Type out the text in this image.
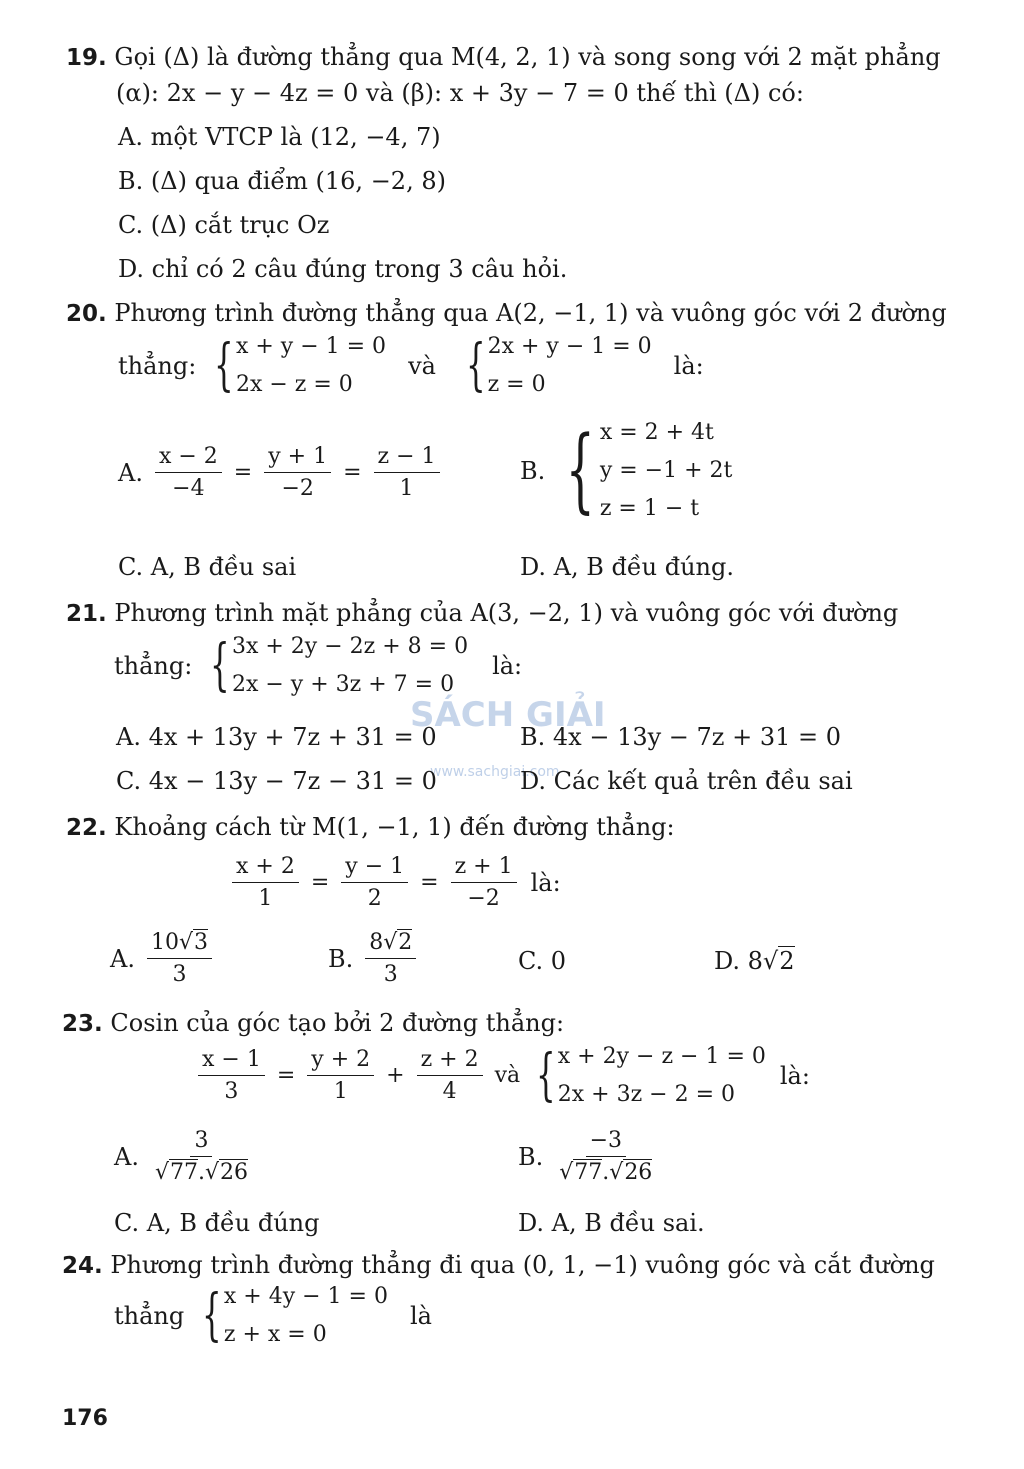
19. Gọi (Δ) là đường thẳng qua M(4, 2, 1) và song song với 2 mặt phẳng
(α): 2x − y − 4z = 0 và (β): x + 3y − 7 = 0 thế thì (Δ) có:
A. một VTCP là (12, −4, 7)
B. (Δ) qua điểm (16, −2, 8)
C. (Δ) cắt trục Oz
D. chỉ có 2 câu đúng trong 3 câu hỏi.
20. Phương trình đường thẳng qua A(2, −1, 1) và vuông góc với 2 đường
thẳng: { x + y − 1 = 0
2x − z = 0
và { 2x + y − 1 = 0
z = 0
là:
A. $\frac{x - 2}{-4} = \frac{y + 1}{-2} = \frac{z - 1}{1}$	B. { x = 2 + 4t
y = −1 + 2t
z = 1 − t
C. A, B đều sai	D. A, B đều đúng.
21. Phương trình mặt phẳng của A(3, −2, 1) và vuông góc với đường
thẳng: { 3x + 2y − 2z + 8 = 0
2x − y + 3z + 7 = 0
là:
SÁCH GIẢI
www.sachgiai.com
A. 4x + 13y + 7z + 31 = 0	B. 4x − 13y − 7z + 31 = 0
C. 4x − 13y − 7z − 31 = 0	D. Các kết quả trên đều sai
22. Khoảng cách từ M(1, −1, 1) đến đường thẳng:
$\frac{x + 2}{1} = \frac{y - 1}{2} = \frac{z + 1}{-2}$ là:
A. $\frac{10√3}{3}$	B. $\frac{8√2}{3}$	C. 0	D. 8√2
23. Cosin của góc tạo bởi 2 đường thẳng:
$\frac{x - 1}{3} = \frac{y + 2}{1} + \frac{z + 2}{4}$ và { x + 2y − z − 1 = 0
2x + 3z − 2 = 0
là:
A. $\frac{3}{√77.√26}$	B. $\frac{-3}{√77.√26}$
C. A, B đều đúng	D. A, B đều sai.
24. Phương trình đường thẳng đi qua (0, 1, −1) vuông góc và cắt đường
thẳng { x + 4y − 1 = 0
z + x = 0
là
176
